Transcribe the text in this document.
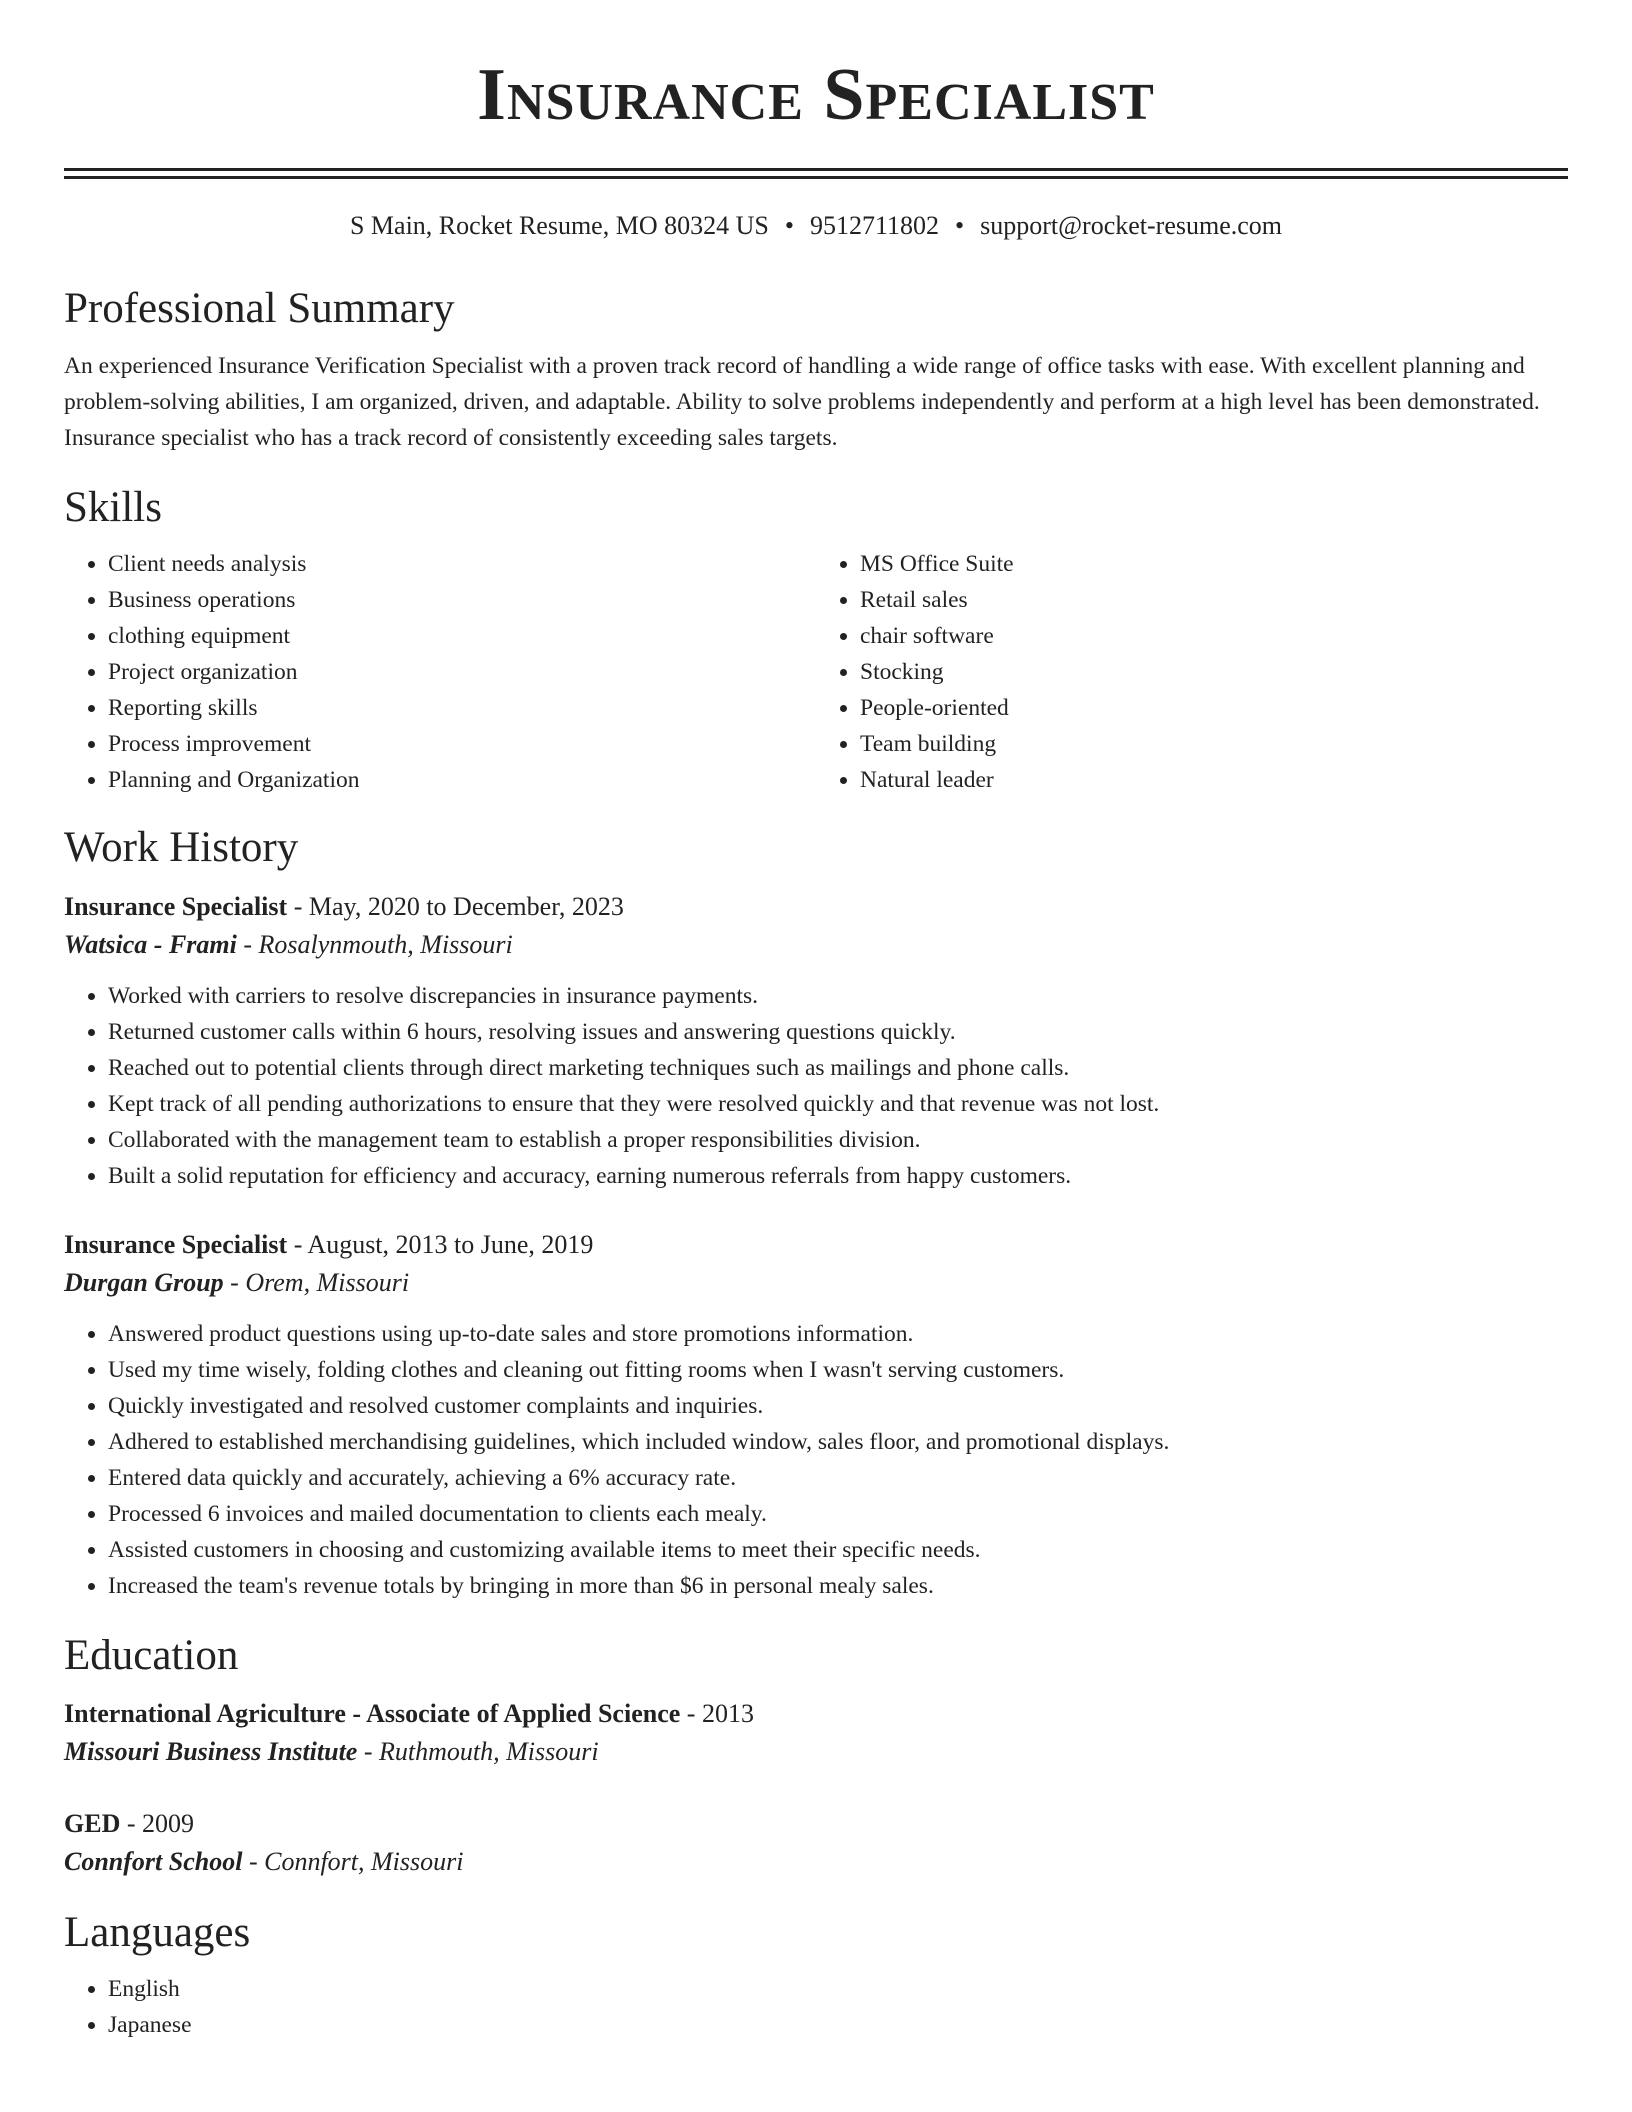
Insurance Specialist
S Main, Rocket Resume, MO 80324 US • 9512711802 • support@rocket-resume.com
Professional Summary

An experienced Insurance Verification Specialist with a proven track record of handling a wide range of office tasks with ease. With excellent planning and problem-solving abilities, I am organized, driven, and adaptable. Ability to solve problems independently and perform at a high level has been demonstrated. Insurance specialist who has a track record of consistently exceeding sales targets.

Skills
• Client needs analysis
• Business operations
• clothing equipment
• Project organization
• Reporting skills
• Process improvement
• Planning and Organization
• MS Office Suite
• Retail sales
• chair software
• Stocking
• People-oriented
• Team building
• Natural leader
Work History
Insurance Specialist - May, 2020 to December, 2023
Watsica - Frami - Rosalynmouth, Missouri
• Worked with carriers to resolve discrepancies in insurance payments.
• Returned customer calls within 6 hours, resolving issues and answering questions quickly.
• Reached out to potential clients through direct marketing techniques such as mailings and phone calls.
• Kept track of all pending authorizations to ensure that they were resolved quickly and that revenue was not lost.
• Collaborated with the management team to establish a proper responsibilities division.
• Built a solid reputation for efficiency and accuracy, earning numerous referrals from happy customers.
Insurance Specialist - August, 2013 to June, 2019
Durgan Group - Orem, Missouri
• Answered product questions using up-to-date sales and store promotions information.
• Used my time wisely, folding clothes and cleaning out fitting rooms when I wasn't serving customers.
• Quickly investigated and resolved customer complaints and inquiries.
• Adhered to established merchandising guidelines, which included window, sales floor, and promotional displays.
• Entered data quickly and accurately, achieving a 6% accuracy rate.
• Processed 6 invoices and mailed documentation to clients each mealy.
• Assisted customers in choosing and customizing available items to meet their specific needs.
• Increased the team's revenue totals by bringing in more than $6 in personal mealy sales.
Education
International Agriculture - Associate of Applied Science - 2013
Missouri Business Institute - Ruthmouth, Missouri
GED - 2009
Connfort School - Connfort, Missouri
Languages
• English
• Japanese
